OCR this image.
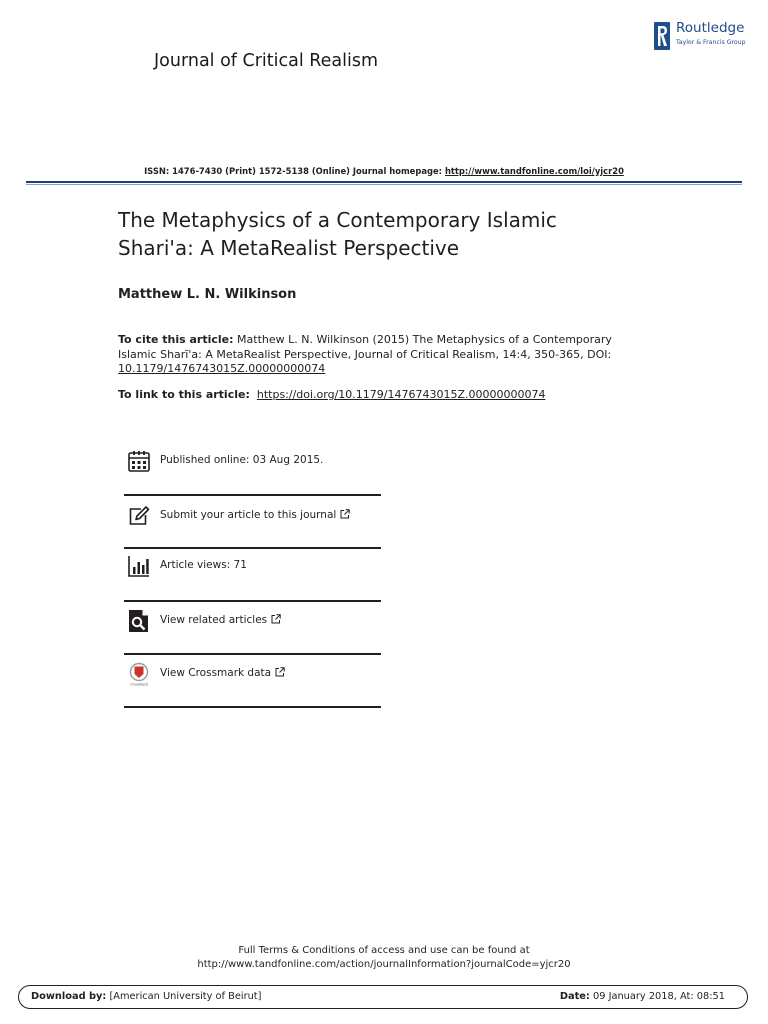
Journal of Critical Realism
Routledge
Taylor & Francis Group
ISSN: 1476-7430 (Print) 1572-5138 (Online) Journal homepage: http://www.tandfonline.com/loi/yjcr20
The Metaphysics of a Contemporary Islamic
Shari'a: A MetaRealist Perspective
Matthew L. N. Wilkinson
To cite this article: Matthew L. N. Wilkinson (2015) The Metaphysics of a Contemporary Islamic Sharī'a: A MetaRealist Perspective, Journal of Critical Realism, 14:4, 350-365, DOI:
10.1179/1476743015Z.00000000074
To link to this article: https://doi.org/10.1179/1476743015Z.00000000074
Published online: 03 Aug 2015.
Submit your article to this journal
Article views: 71
View related articles
CrossMark
View Crossmark data
Full Terms & Conditions of access and use can be found at
http://www.tandfonline.com/action/journalInformation?journalCode=yjcr20
Download by: [American University of Beirut]	Date: 09 January 2018, At: 08:51
